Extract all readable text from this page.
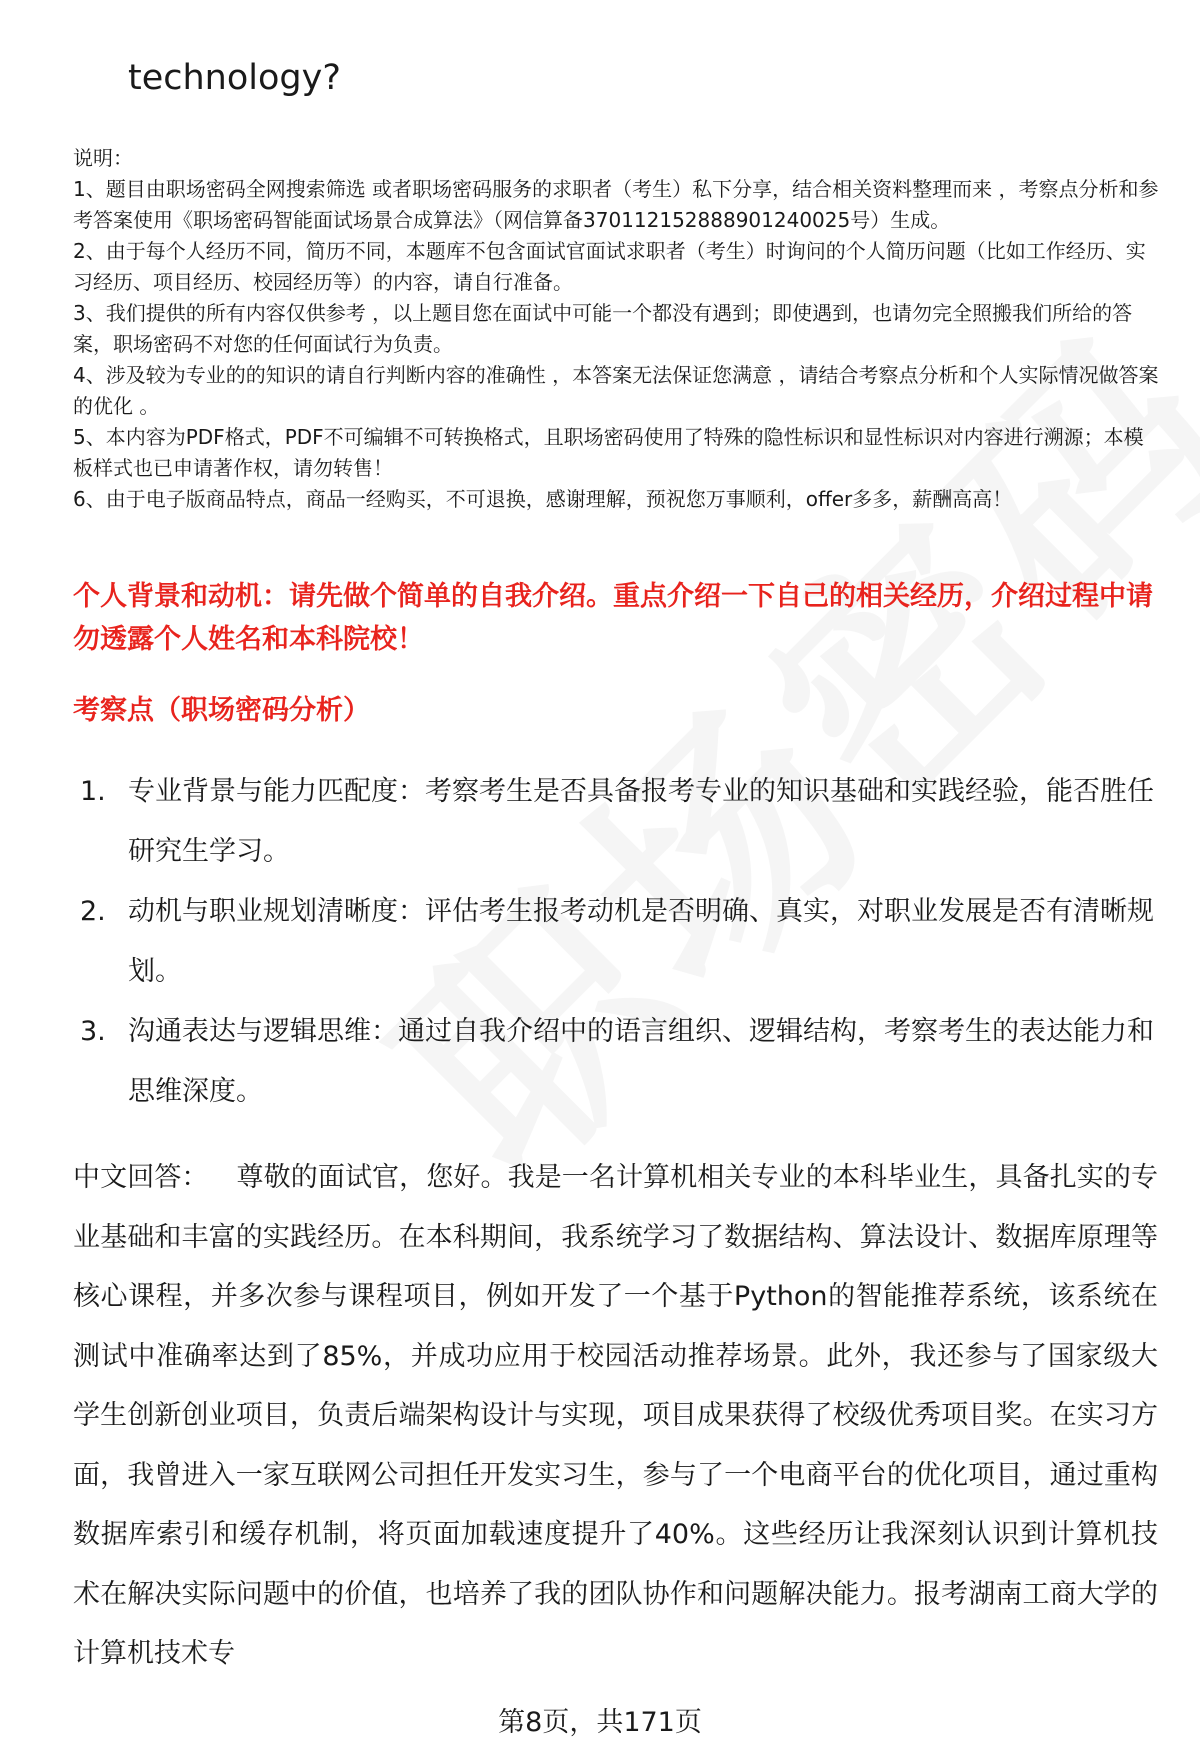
technology?

说明：

1、题目由职场密码全网搜索筛选 或者职场密码服务的求职者（考生）私下分享，结合相关资料整理而来 ，考察点分析和参考答案使用《职场密码智能面试场景合成算法》（网信算备370112152888901240025号）生成。

2、由于每个人经历不同，简历不同，本题库不包含面试官面试求职者（考生）时询问的个人简历问题（比如工作经历、实习经历、项目经历、校园经历等）的内容，请自行准备。

3、我们提供的所有内容仅供参考 ，以上题目您在面试中可能一个都没有遇到；即使遇到，也请勿完全照搬我们所给的答案，职场密码不对您的任何面试行为负责。

4、涉及较为专业的的知识的请自行判断内容的准确性 ，本答案无法保证您满意 ，请结合考察点分析和个人实际情况做答案的优化 。

5、本内容为PDF格式，PDF不可编辑不可转换格式，且职场密码使用了特殊的隐性标识和显性标识对内容进行溯源；本模板样式也已申请著作权，请勿转售！

6、由于电子版商品特点，商品一经购买，不可退换，感谢理解，预祝您万事顺利，offer多多，薪酬高高！

个人背景和动机：请先做个简单的自我介绍。重点介绍一下自己的相关经历，介绍过程中请勿透露个人姓名和本科院校！
考察点（职场密码分析）
1. 专业背景与能力匹配度：考察考生是否具备报考专业的知识基础和实践经验，能否胜任研究生学习。
2. 动机与职业规划清晰度：评估考生报考动机是否明确、真实，对职业发展是否有清晰规划。
3. 沟通表达与逻辑思维：通过自我介绍中的语言组织、逻辑结构，考察考生的表达能力和思维深度。
中文回答： 尊敬的面试官，您好。我是一名计算机相关专业的本科毕业生，具备扎实的专业基础和丰富的实践经历。在本科期间，我系统学习了数据结构、算法设计、数据库原理等核心课程，并多次参与课程项目，例如开发了一个基于Python的智能推荐系统，该系统在测试中准确率达到了85%，并成功应用于校园活动推荐场景。此外，我还参与了国家级大学生创新创业项目，负责后端架构设计与实现，项目成果获得了校级优秀项目奖。在实习方面，我曾进入一家互联网公司担任开发实习生，参与了一个电商平台的优化项目，通过重构数据库索引和缓存机制，将页面加载速度提升了40%。这些经历让我深刻认识到计算机技术在解决实际问题中的价值，也培养了我的团队协作和问题解决能力。报考湖南工商大学的计算机技术专
第8页，共171页
